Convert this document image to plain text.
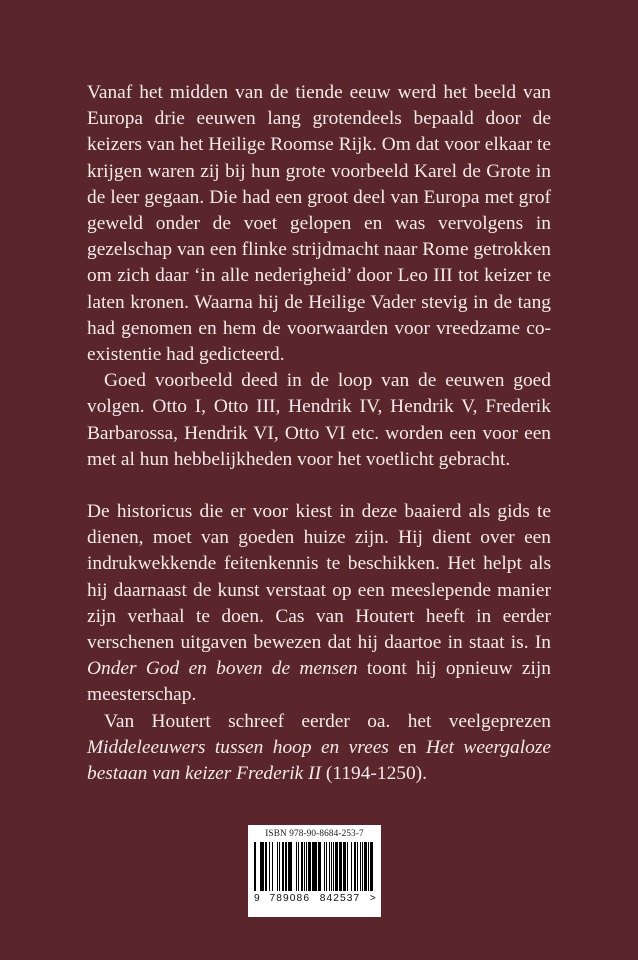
Vanaf het midden van de tiende eeuw werd het beeld van Europa drie eeuwen lang grotendeels bepaald door de keizers van het Heilige Roomse Rijk. Om dat voor elkaar te krijgen waren zij bij hun grote voorbeeld Karel de Grote in de leer gegaan. Die had een groot deel van Europa met grof geweld onder de voet gelopen en was vervolgens in gezelschap van een flinke strijdmacht naar Rome getrokken om zich daar ‘in alle nederigheid’ door Leo III tot keizer te laten kronen. Waarna hij de Heilige Vader stevig in de tang had genomen en hem de voorwaarden voor vreedzame co-existentie had gedicteerd.

Goed voorbeeld deed in de loop van de eeuwen goed volgen. Otto I, Otto III, Hendrik IV, Hendrik V, Frederik Barbarossa, Hendrik VI, Otto VI etc. worden een voor een met al hun hebbelijkheden voor het voetlicht gebracht.

De historicus die er voor kiest in deze baaierd als gids te dienen, moet van goeden huize zijn. Hij dient over een indrukwekkende feitenkennis te beschikken. Het helpt als hij daarnaast de kunst verstaat op een meeslepende manier zijn verhaal te doen. Cas van Houtert heeft in eerder verschenen uitgaven bewezen dat hij daartoe in staat is. In Onder God en boven de mensen toont hij opnieuw zijn meesterschap.

Van Houtert schreef eerder oa. het veelgeprezen Middeleeuwers tussen hoop en vrees en Het weergaloze bestaan van keizer Frederik II (1194-1250).

ISBN 978-90-8684-253-7
9 789086 842537 >
